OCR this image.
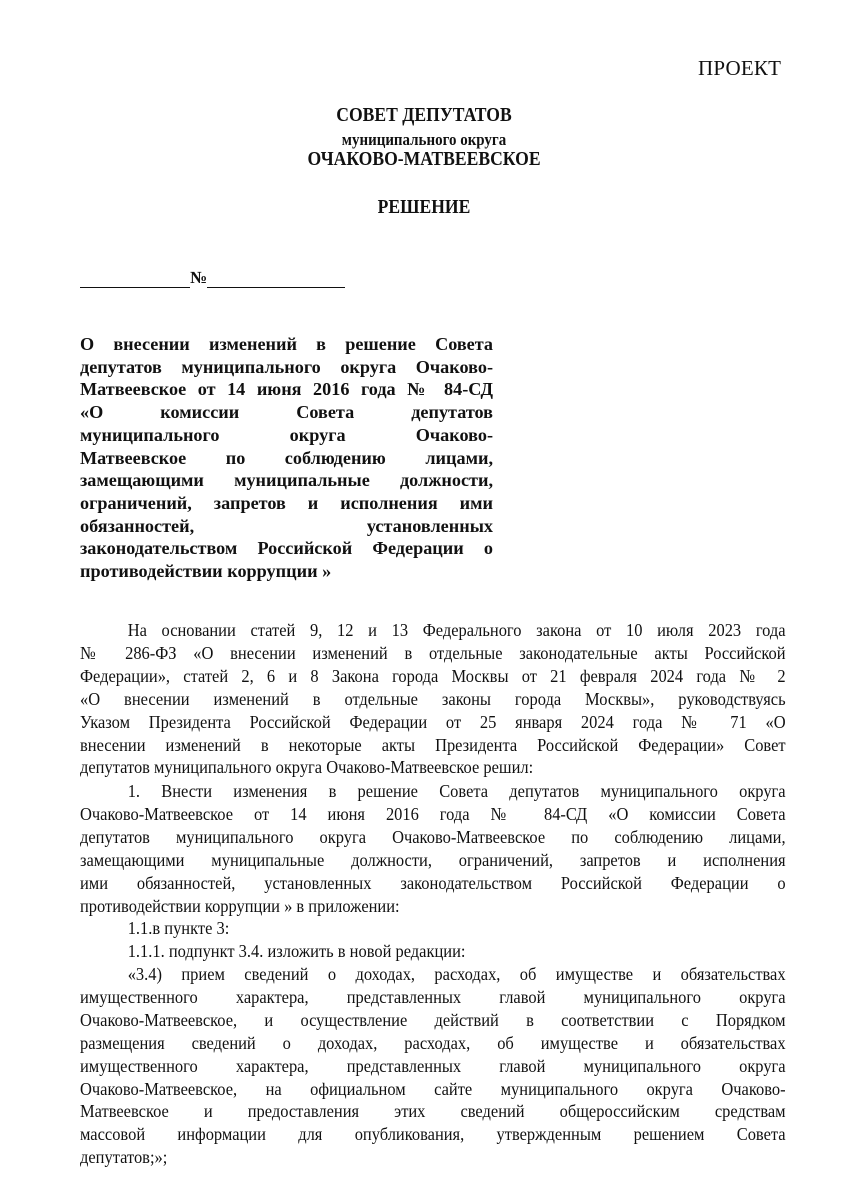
ПРОЕКТ
СОВЕТ ДЕПУТАТОВ
муниципального округа
ОЧАКОВО-МАТВЕЕВСКОЕ
РЕШЕНИЕ
№
О внесении изменений в решение Совета
депутатов муниципального округа Очаково-
Матвеевское от 14 июня 2016 года № 84-СД
«О комиссии Совета депутатов
муниципального округа Очаково-
Матвеевское по соблюдению лицами,
замещающими муниципальные должности,
ограничений, запретов и исполнения ими
обязанностей, установленных
законодательством Российской Федерации о
противодействии коррупции »
На основании статей 9, 12 и 13 Федерального закона от 10 июля 2023 года
№ 286-ФЗ «О внесении изменений в отдельные законодательные акты Российской
Федерации», статей 2, 6 и 8 Закона города Москвы от 21 февраля 2024 года № 2
«О внесении изменений в отдельные законы города Москвы», руководствуясь
Указом Президента Российской Федерации от 25 января 2024 года № 71 «О
внесении изменений в некоторые акты Президента Российской Федерации» Совет
депутатов муниципального округа Очаково-Матвеевское решил:
1. Внести изменения в решение Совета депутатов муниципального округа
Очаково-Матвеевское от 14 июня 2016 года № 84-СД «О комиссии Совета
депутатов муниципального округа Очаково-Матвеевское по соблюдению лицами,
замещающими муниципальные должности, ограничений, запретов и исполнения
ими обязанностей, установленных законодательством Российской Федерации о
противодействии коррупции » в приложении:
1.1.в пункте 3:
1.1.1. подпункт 3.4. изложить в новой редакции:
«3.4) прием сведений о доходах, расходах, об имуществе и обязательствах
имущественного характера, представленных главой муниципального округа
Очаково-Матвеевское, и осуществление действий в соответствии с Порядком
размещения сведений о доходах, расходах, об имуществе и обязательствах
имущественного характера, представленных главой муниципального округа
Очаково-Матвеевское, на официальном сайте муниципального округа Очаково-
Матвеевское и предоставления этих сведений общероссийским средствам
массовой информации для опубликования, утвержденным решением Совета
депутатов;»;
